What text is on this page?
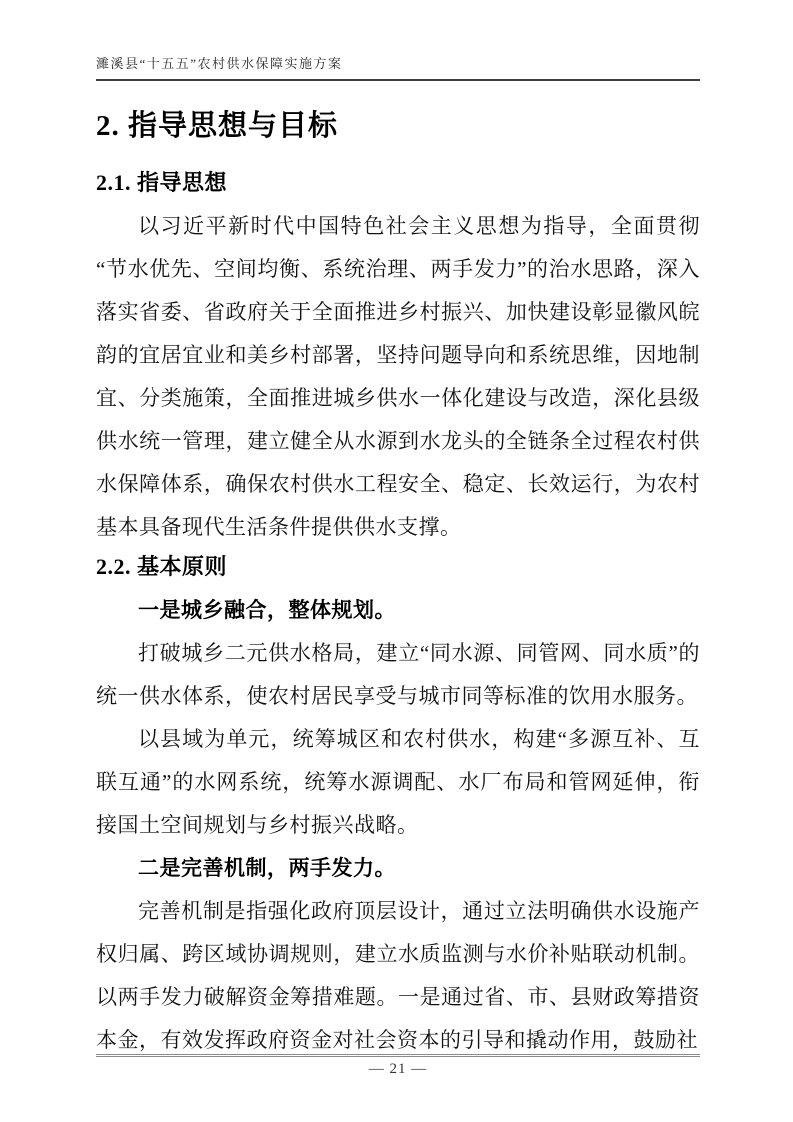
濉溪县“十五五”农村供水保障实施方案
2. 指导思想与目标
2.1. 指导思想

以习近平新时代中国特色社会主义思想为指导，全面贯彻“节水优先、空间均衡、系统治理、两手发力”的治水思路，深入落实省委、省政府关于全面推进乡村振兴、加快建设彰显徽风皖韵的宜居宜业和美乡村部署，坚持问题导向和系统思维，因地制宜、分类施策，全面推进城乡供水一体化建设与改造，深化县级供水统一管理，建立健全从水源到水龙头的全链条全过程农村供水保障体系，确保农村供水工程安全、稳定、长效运行，为农村基本具备现代生活条件提供供水支撑。

2.2. 基本原则

一是城乡融合，整体规划。

打破城乡二元供水格局，建立“同水源、同管网、同水质”的统一供水体系，使农村居民享受与城市同等标准的饮用水服务。

以县域为单元，统筹城区和农村供水，构建“多源互补、互联互通”的水网系统，统筹水源调配、水厂布局和管网延伸，衔接国土空间规划与乡村振兴战略。

二是完善机制，两手发力。

完善机制是指强化政府顶层设计，通过立法明确供水设施产权归属、跨区域协调规则，建立水质监测与水价补贴联动机制。以两手发力破解资金筹措难题。一是通过省、市、县财政筹措资本金，有效发挥政府资金对社会资本的引导和撬动作用，鼓励社

— 21 —
